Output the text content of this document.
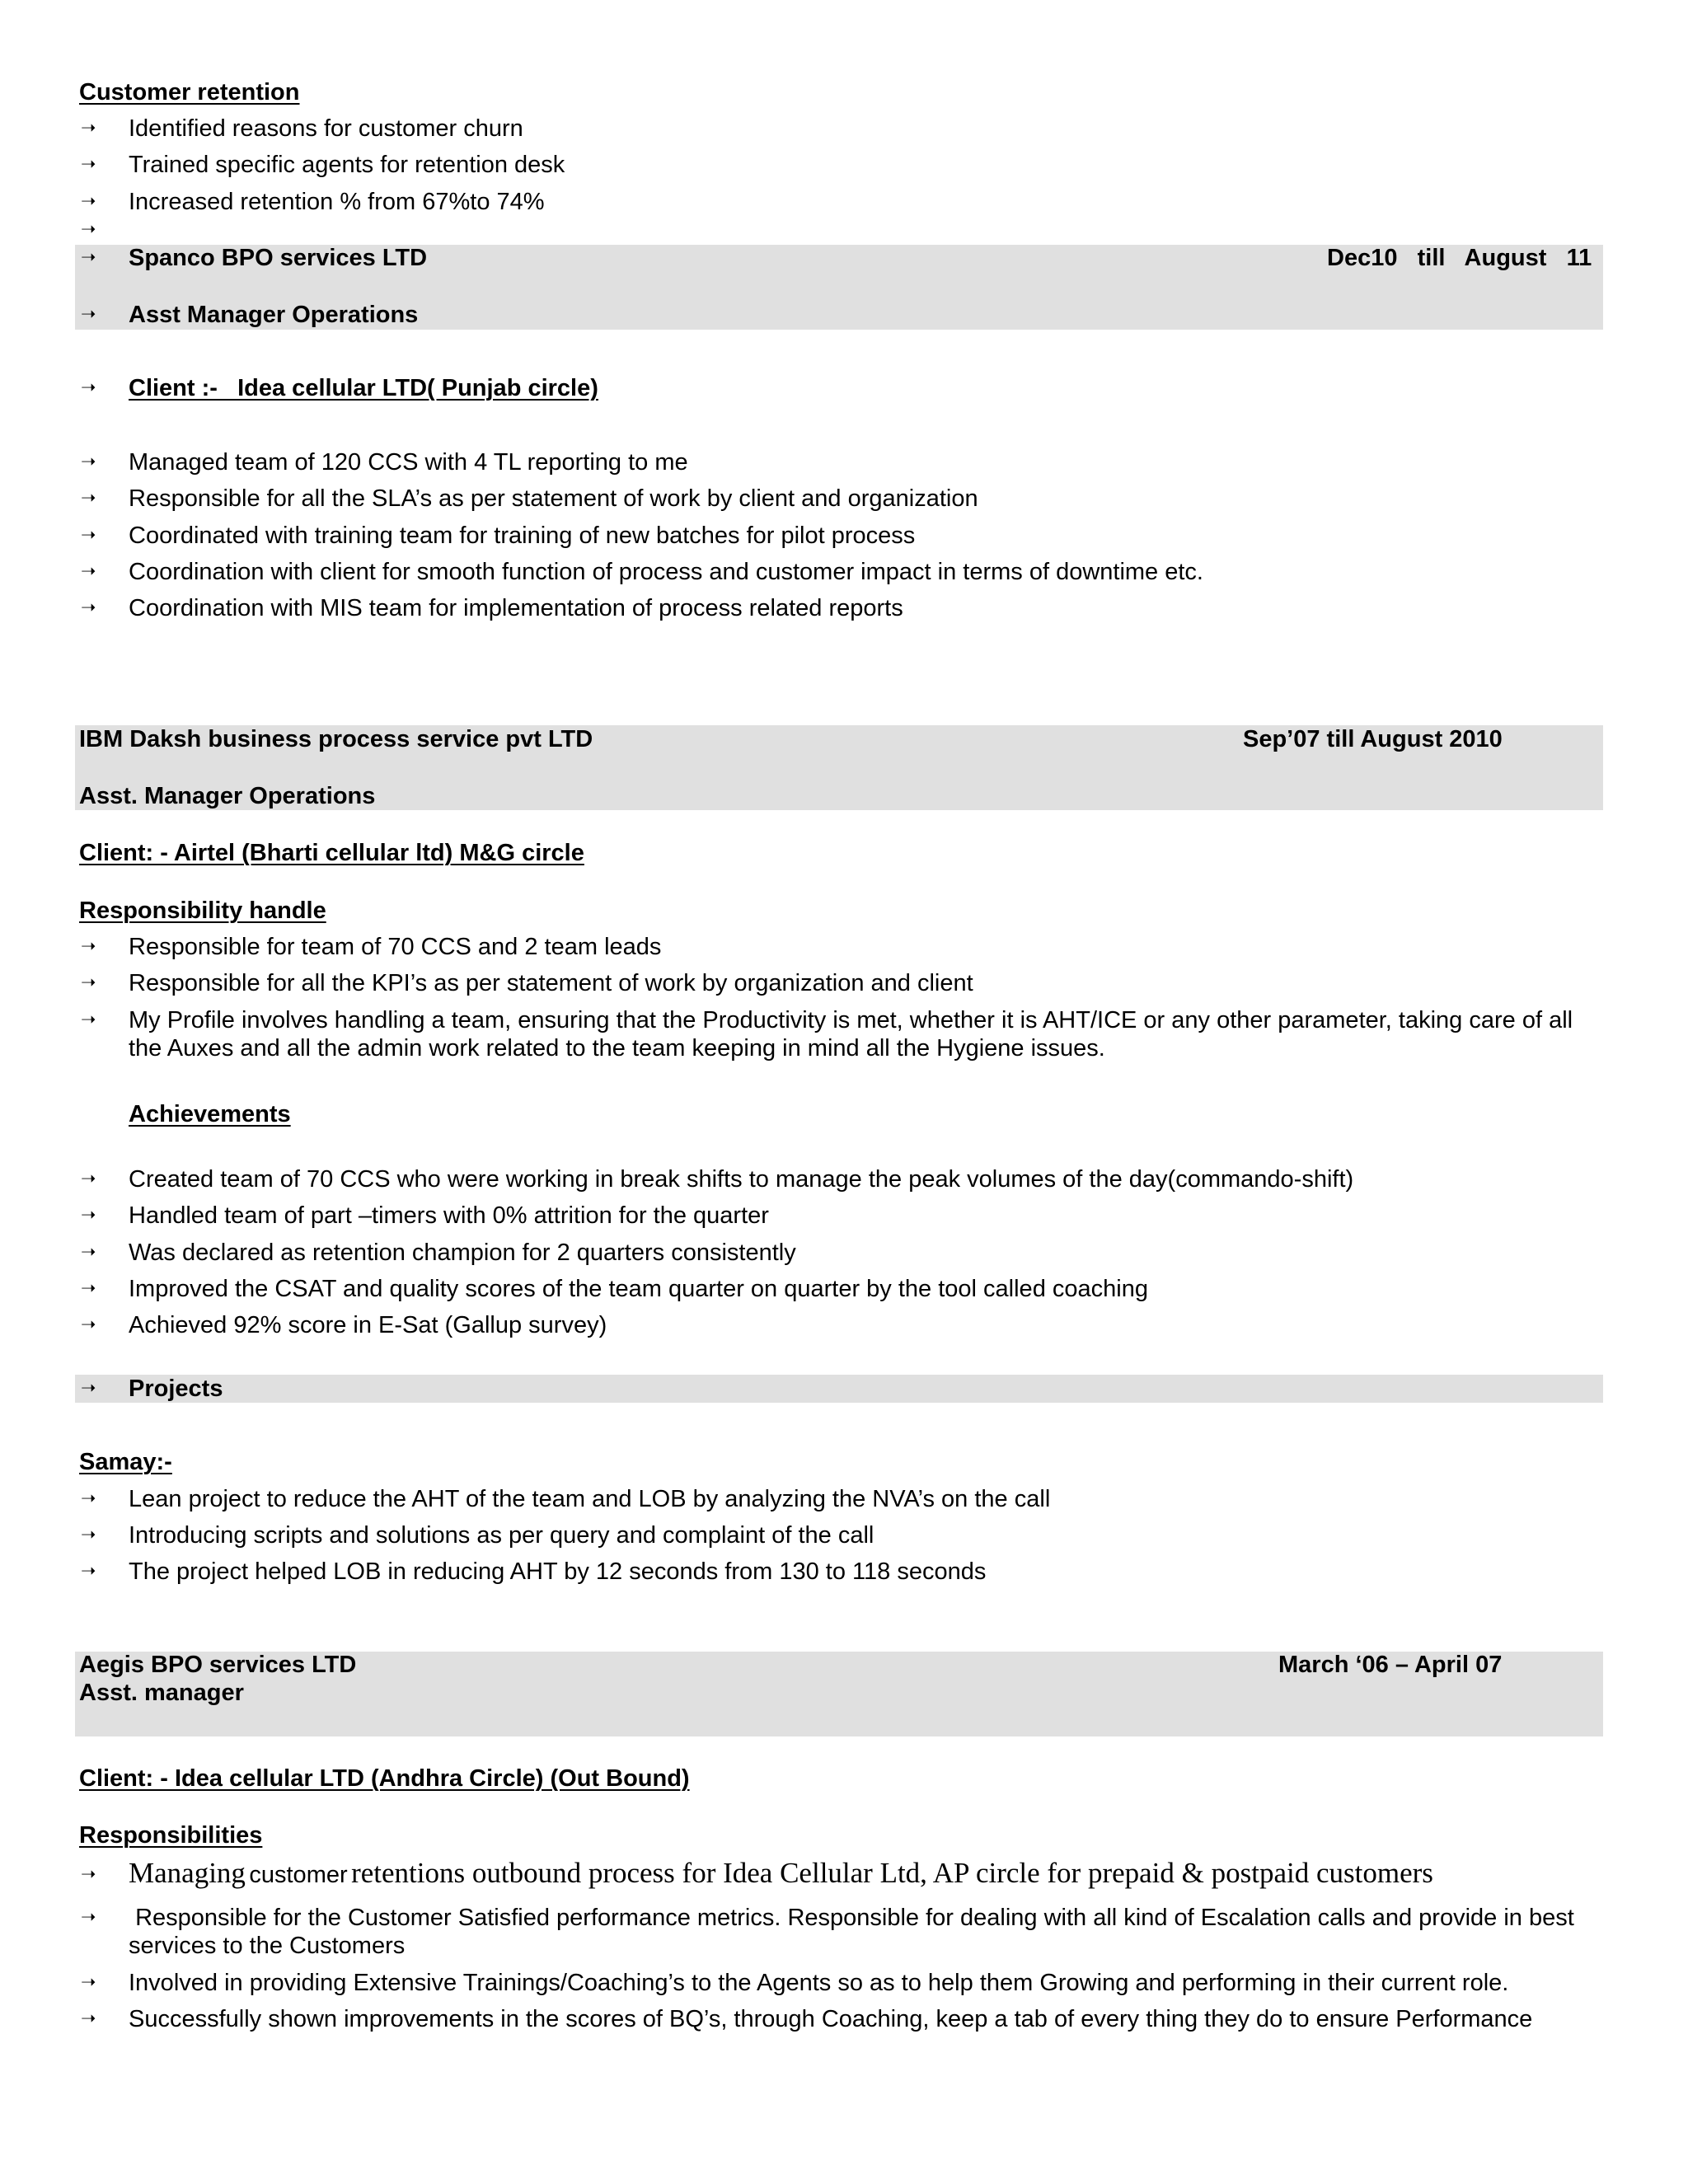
Customer retention
➝ Identified reasons for customer churn
➝ Trained specific agents for retention desk
➝ Increased retention % from 67%to 74%
➝
➝ Spanco BPO services LTD	Dec10   till   August   11
➝ Asst Manager Operations
➝ Client :-   Idea cellular LTD( Punjab circle)
➝ Managed team of 120 CCS with 4 TL reporting to me
➝ Responsible for all the SLA’s as per statement of work by client and organization
➝ Coordinated with training team for training of new batches for pilot process
➝ Coordination with client for smooth function of process and customer impact in terms of downtime etc.
➝ Coordination with MIS team for implementation of process related reports
IBM Daksh business process service pvt LTD	Sep’07 till August 2010
Asst. Manager Operations
Client: - Airtel (Bharti cellular ltd) M&G circle
Responsibility handle
➝ Responsible for team of 70 CCS and 2 team leads
➝ Responsible for all the KPI’s as per statement of work by organization and client
➝ My Profile involves handling a team, ensuring that the Productivity is met, whether it is AHT/ICE or any other parameter, taking care of all the Auxes and all the admin work related to the team keeping in mind all the Hygiene issues.
Achievements
➝ Created team of 70 CCS who were working in break shifts to manage the peak volumes of the day(commando-shift)
➝ Handled team of part –timers with 0% attrition for the quarter
➝ Was declared as retention champion for 2 quarters consistently
➝ Improved the CSAT and quality scores of the team quarter on quarter by the tool called coaching
➝ Achieved 92% score in E-Sat (Gallup survey)
➝ Projects
Samay:-
➝ Lean project to reduce the AHT of the team and LOB by analyzing the NVA’s on the call
➝ Introducing scripts and solutions as per query and complaint of the call
➝ The project helped LOB in reducing AHT by 12 seconds from 130 to 118 seconds
Aegis BPO services LTD	March ‘06 – April 07
Asst. manager
Client: - Idea cellular LTD (Andhra Circle) (Out Bound)
Responsibilities
➝ Managing customer retentions outbound process for Idea Cellular Ltd, AP circle for prepaid & postpaid customers
➝ Responsible for the Customer Satisfied performance metrics. Responsible for dealing with all kind of Escalation calls and provide in best services to the Customers
➝ Involved in providing Extensive Trainings/Coaching’s to the Agents so as to help them Growing and performing in their current role.
➝ Successfully shown improvements in the scores of BQ’s, through Coaching, keep a tab of every thing they do to ensure Performance
